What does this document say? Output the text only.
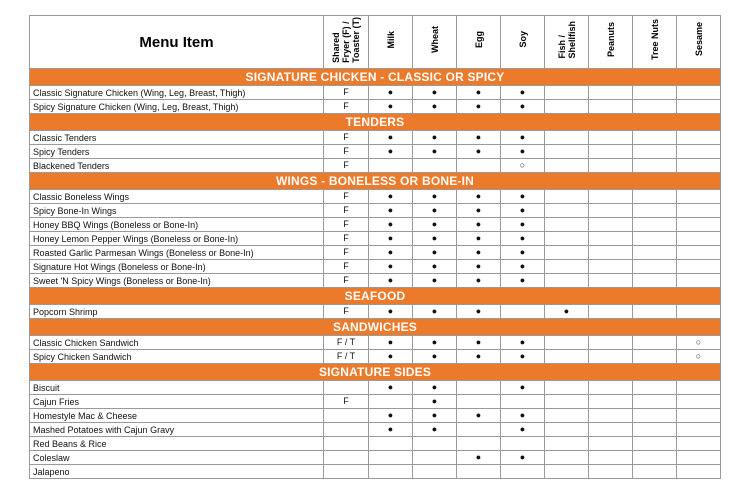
Menu Item	Shared
Fryer (F) /
Toaster (T)	Milk	Wheat	Egg	Soy	Fish /
Shellfish	Peanuts	Tree Nuts	Sesame
SIGNATURE CHICKEN - CLASSIC OR SPICY									
Classic Signature Chicken (Wing, Leg, Breast, Thigh)	F	●	●	●	●				
Spicy Signature Chicken (Wing, Leg, Breast, Thigh)	F	●	●	●	●				
TENDERS									
Classic Tenders	F	●	●	●	●				
Spicy Tenders	F	●	●	●	●				
Blackened Tenders	F				○				
WINGS - BONELESS OR BONE-IN									
Classic Boneless Wings	F	●	●	●	●				
Spicy Bone-In Wings	F	●	●	●	●				
Honey BBQ Wings (Boneless or Bone-In)	F	●	●	●	●				
Honey Lemon Pepper Wings (Boneless or Bone-In)	F	●	●	●	●				
Roasted Garlic Parmesan Wings (Boneless or Bone-In)	F	●	●	●	●				
Signature Hot Wings (Boneless or Bone-In)	F	●	●	●	●				
Sweet 'N Spicy Wings (Boneless or Bone-In)	F	●	●	●	●				
SEAFOOD									
Popcorn Shrimp	F	●	●	●		●			
SANDWICHES									
Classic Chicken Sandwich	F / T	●	●	●	●				○
Spicy Chicken Sandwich	F / T	●	●	●	●				○
SIGNATURE SIDES									
Biscuit		●	●		●				
Cajun Fries	F		●						
Homestyle Mac & Cheese		●	●	●	●				
Mashed Potatoes with Cajun Gravy		●	●		●				
Red Beans & Rice									
Coleslaw				●	●				
Jalapeno									
